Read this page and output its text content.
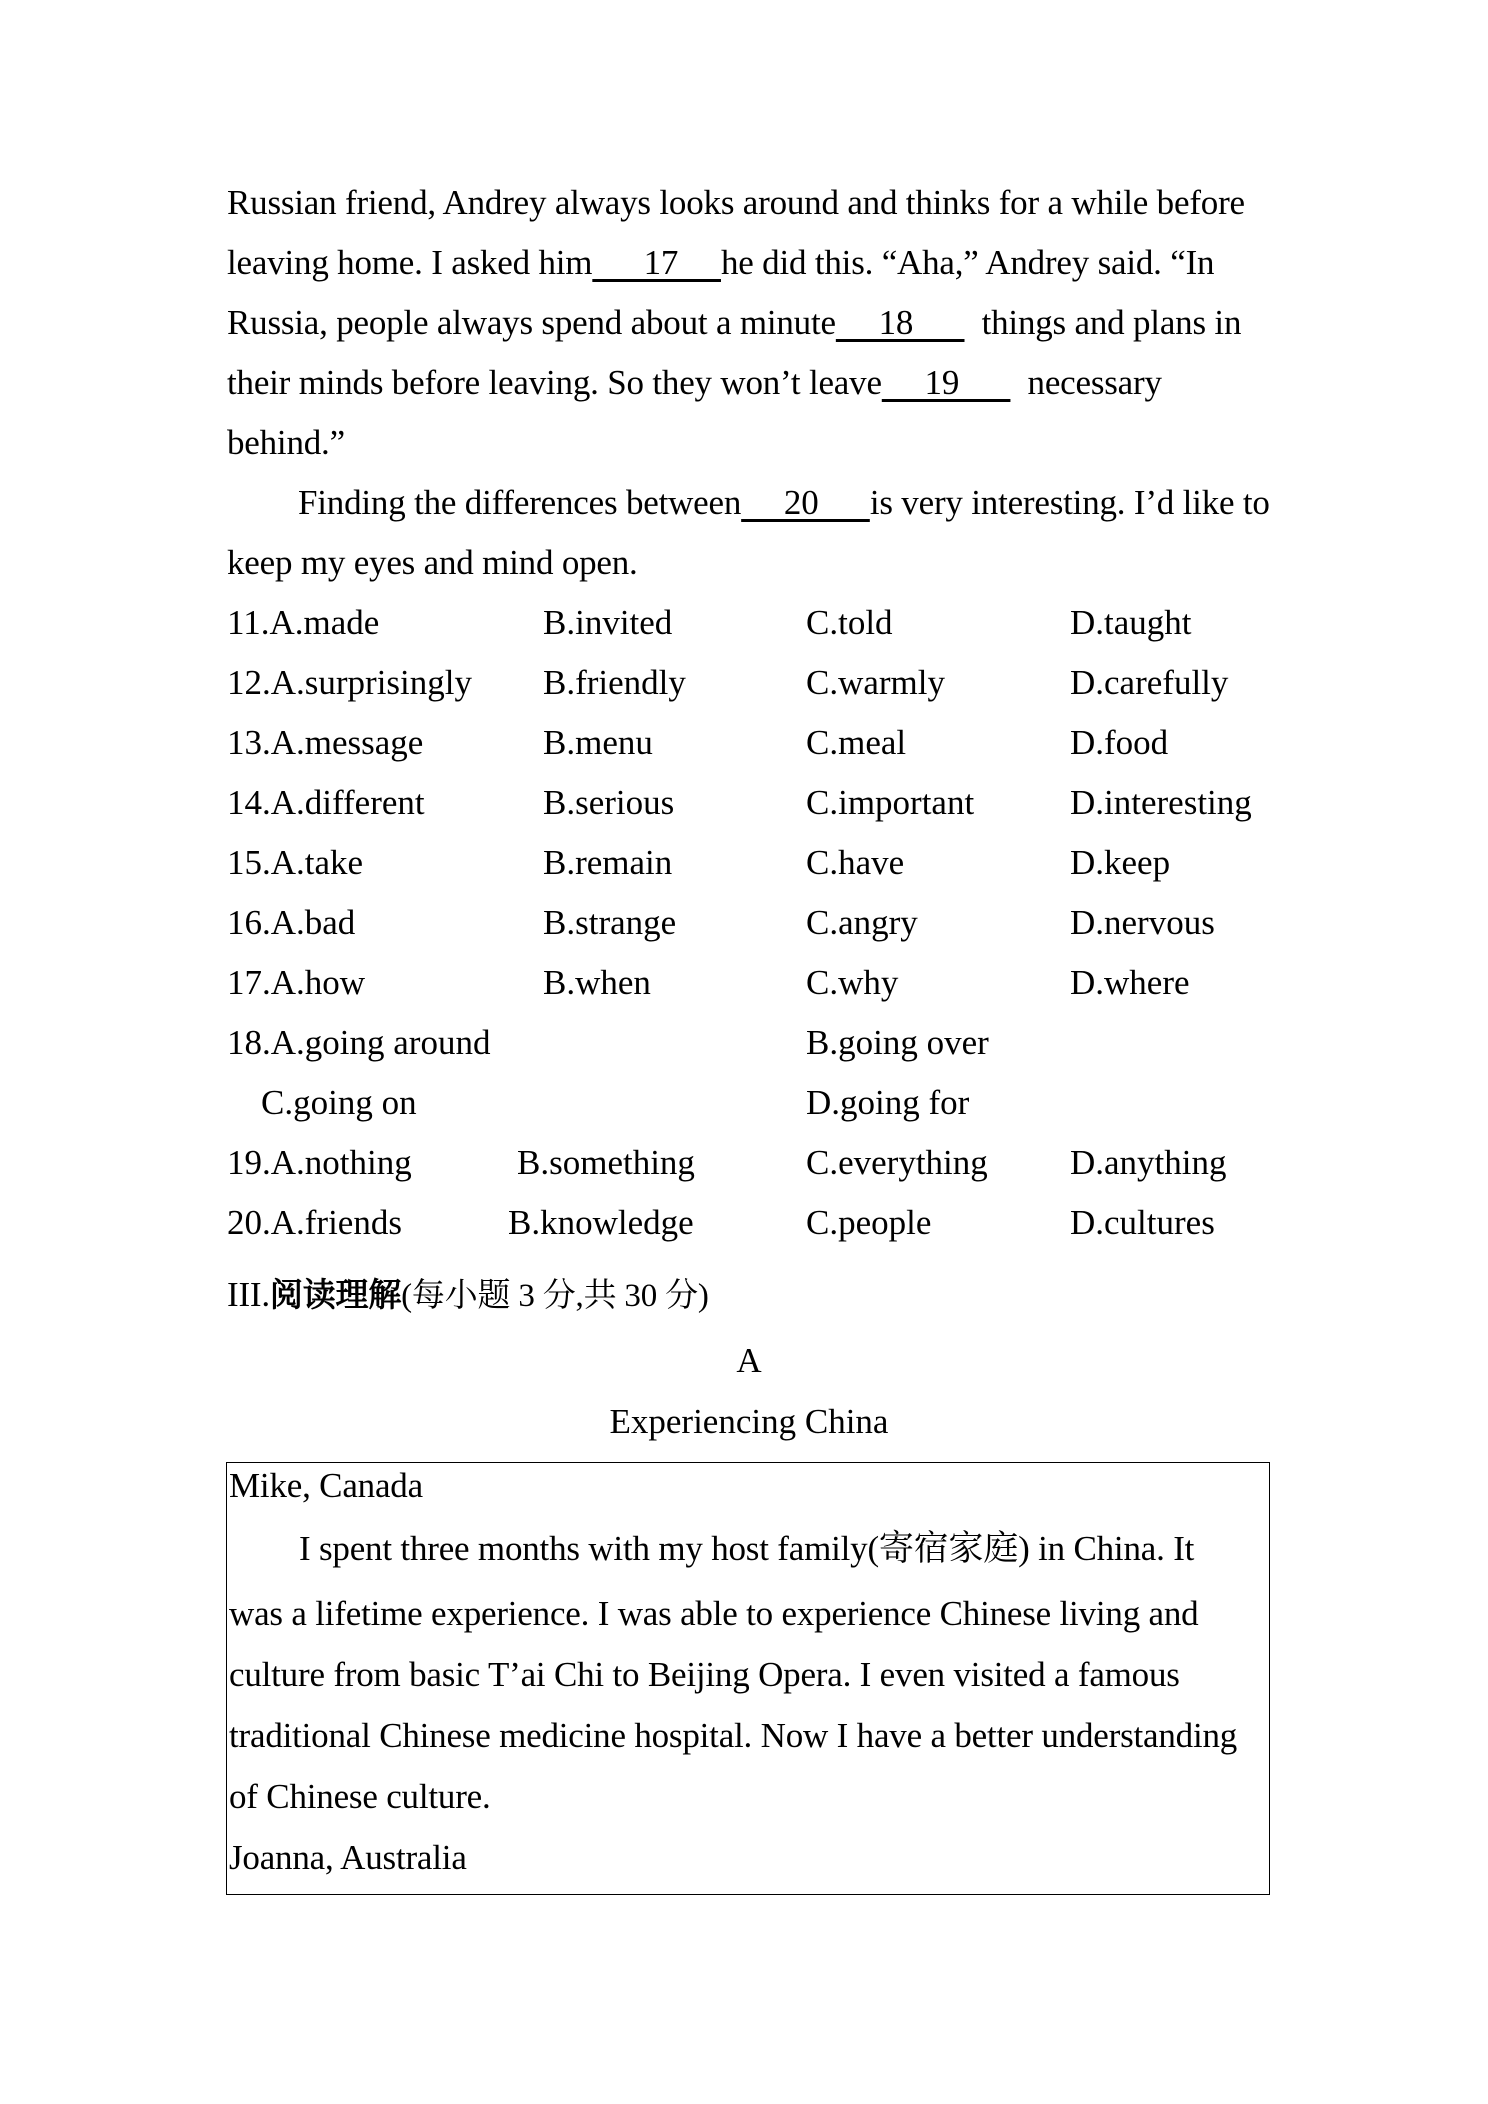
Russian friend, Andrey always looks around and thinks for a while before
leaving home. I asked him      17     he did this. “Aha,” Andrey said. “In
Russia, people always spend about a minute     18        things and plans in
their minds before leaving. So they won’t leave     19        necessary
behind.”
Finding the differences between     20      is very interesting. I’d like to
keep my eyes and mind open.
11.A.made	B.invited	C.told	D.taught
12.A.surprisingly B.friendly	C.warmly	D.carefully
13.A.message	B.menu	C.meal	D.food
14.A.different	B.serious	C.important	D.interesting
15.A.take	B.remain	C.have	D.keep
16.A.bad	B.strange	C.angry	D.nervous
17.A.how	B.when	C.why	D.where
18.A.going around	B.going over
C.going on	D.going for
19.A.nothing	B.something	C.everything D.anything
20.A.friends	B.knowledge	C.people	D.cultures
III.阅读理解(每小题 3 分,共 30 分)
A
Experiencing China
Mike, Canada
I spent three months with my host family(寄宿家庭) in China. It
was a lifetime experience. I was able to experience Chinese living and
culture from basic T’ai Chi to Beijing Opera. I even visited a famous
traditional Chinese medicine hospital. Now I have a better understanding
of Chinese culture.
Joanna, Australia
